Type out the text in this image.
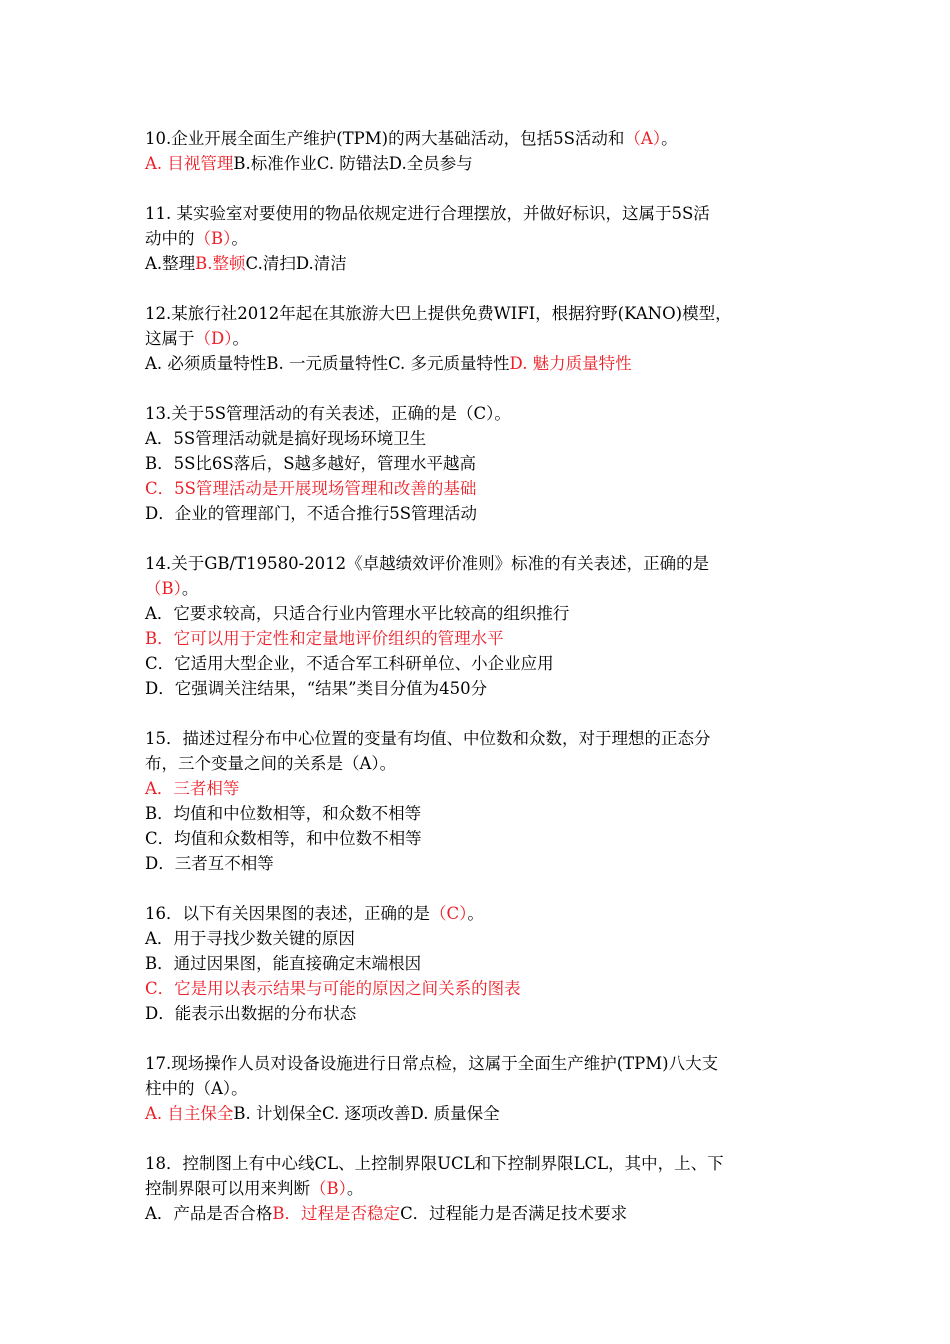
10.企业开展全面生产维护(TPM)的两大基础活动，包括5S活动和（A）。
A. 目视管理B.标准作业C. 防错法D.全员参与
11. 某实验室对要使用的物品依规定进行合理摆放，并做好标识，这属于5S活
动中的（B）。
A.整理B.整顿C.清扫D.清洁
12.某旅行社2012年起在其旅游大巴上提供免费WIFI，根据狩野(KANO)模型，
这属于（D）。
A. 必须质量特性B. 一元质量特性C. 多元质量特性D. 魅力质量特性
13.关于5S管理活动的有关表述，正确的是（C）。
A．5S管理活动就是搞好现场环境卫生
B．5S比6S落后，S越多越好，管理水平越高
C．5S管理活动是开展现场管理和改善的基础
D．企业的管理部门，不适合推行5S管理活动
14.关于GB/T19580-2012《卓越绩效评价准则》标准的有关表述，正确的是
（B）。
A．它要求较高，只适合行业内管理水平比较高的组织推行
B．它可以用于定性和定量地评价组织的管理水平
C．它适用大型企业，不适合军工科研单位、小企业应用
D．它强调关注结果，“结果”类目分值为450分
15．描述过程分布中心位置的变量有均值、中位数和众数，对于理想的正态分
布，三个变量之间的关系是（A）。
A．三者相等
B．均值和中位数相等，和众数不相等
C．均值和众数相等，和中位数不相等
D．三者互不相等
16．以下有关因果图的表述，正确的是（C）。
A．用于寻找少数关键的原因
B．通过因果图，能直接确定末端根因
C．它是用以表示结果与可能的原因之间关系的图表
D．能表示出数据的分布状态
17.现场操作人员对设备设施进行日常点检，这属于全面生产维护(TPM)八大支
柱中的（A）。
A. 自主保全B. 计划保全C. 逐项改善D. 质量保全
18．控制图上有中心线CL、上控制界限UCL和下控制界限LCL，其中，上、下
控制界限可以用来判断（B）。
A．产品是否合格B．过程是否稳定C．过程能力是否满足技术要求
